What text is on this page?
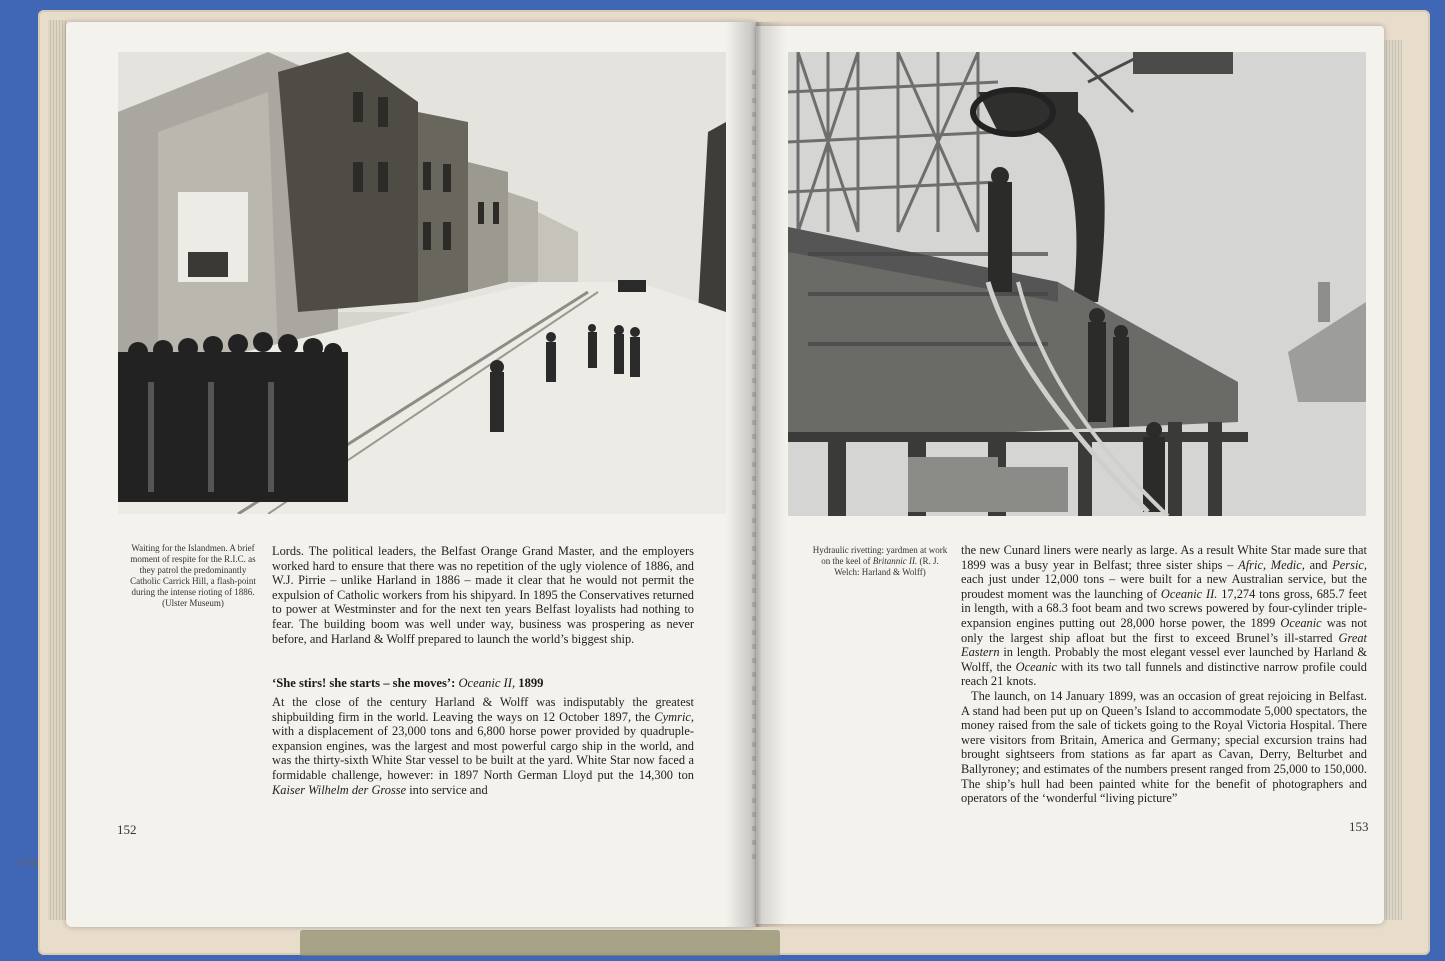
Waiting for the Islandmen. A brief moment of respite for the R.I.C. as they patrol the predominantly Catholic Carrick Hill, a flash-point during the intense rioting of 1886. (Ulster Museum)

Lords. The political leaders, the Belfast Orange Grand Master, and the employers worked hard to ensure that there was no repetition of the ugly violence of 1886, and W.J. Pirrie – unlike Harland in 1886 – made it clear that he would not permit the expulsion of Catholic workers from his shipyard. In 1895 the Conservatives returned to power at Westminster and for the next ten years Belfast loyalists had nothing to fear. The building boom was well under way, business was prospering as never before, and Harland & Wolff prepared to launch the world’s biggest ship.

‘She stirs! she starts – she moves’: Oceanic II, 1899

At the close of the century Harland & Wolff was indisputably the greatest shipbuilding firm in the world. Leaving the ways on 12 October 1897, the Cymric, with a displacement of 23,000 tons and 6,800 horse power provided by quadruple-expansion engines, was the largest and most powerful cargo ship in the world, and was the thirty-sixth White Star vessel to be built at the yard. White Star now faced a formidable challenge, however: in 1897 North German Lloyd put the 14,300 ton Kaiser Wilhelm der Grosse into service and

152
0 856
Hydraulic rivetting: yardmen at work on the keel of Britannic II. (R. J. Welch: Harland & Wolff)

the new Cunard liners were nearly as large. As a result White Star made sure that 1899 was a busy year in Belfast; three sister ships – Afric, Medic, and Persic, each just under 12,000 tons – were built for a new Australian service, but the proudest moment was the launching of Oceanic II. 17,274 tons gross, 685.7 feet in length, with a 68.3 foot beam and two screws powered by four-cylinder triple-expansion engines putting out 28,000 horse power, the 1899 Oceanic was not only the largest ship afloat but the first to exceed Brunel’s ill-starred Great Eastern in length. Probably the most elegant vessel ever launched by Harland & Wolff, the Oceanic with its two tall funnels and distinctive narrow profile could reach 21 knots.

The launch, on 14 January 1899, was an occasion of great rejoicing in Belfast. A stand had been put up on Queen’s Island to accommodate 5,000 spectators, the money raised from the sale of tickets going to the Royal Victoria Hospital. There were visitors from Britain, America and Germany; special excursion trains had brought sightseers from stations as far apart as Cavan, Derry, Belturbet and Ballyroney; and estimates of the numbers present ranged from 25,000 to 150,000. The ship’s hull had been painted white for the benefit of photographers and operators of the ‘wonderful “living picture”

153
